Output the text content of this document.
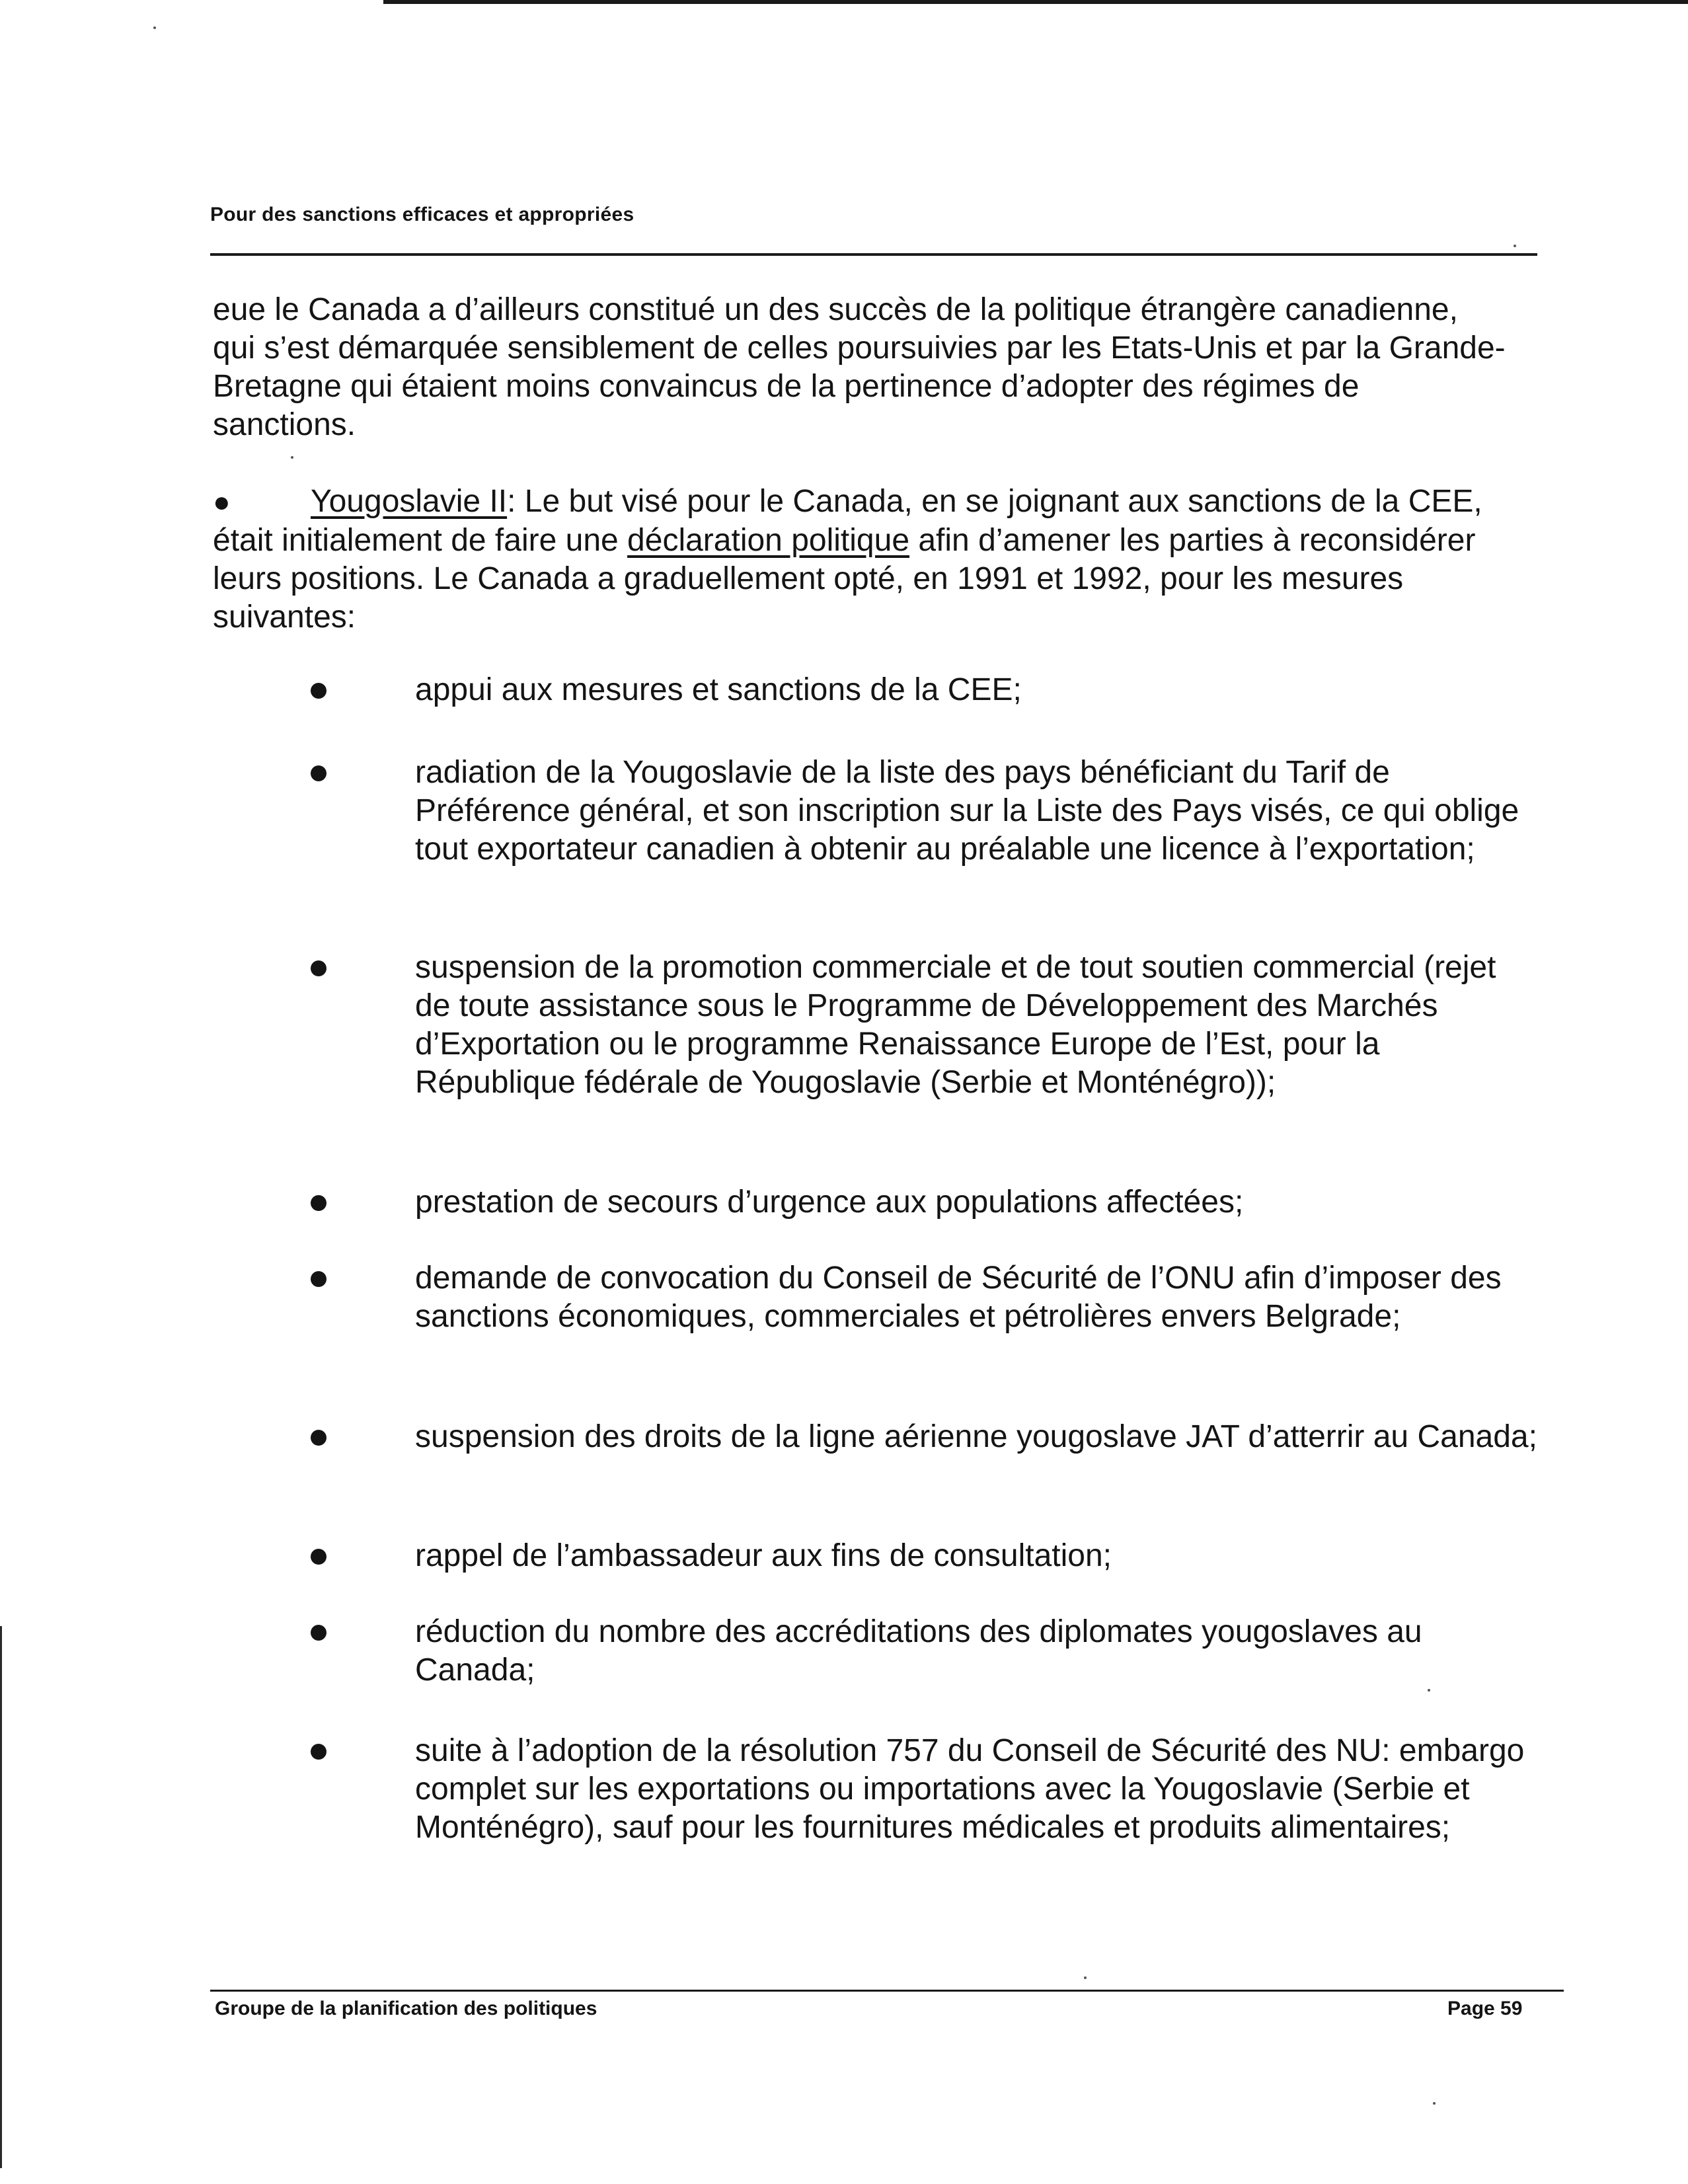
Pour des sanctions efficaces et appropriées

eue le Canada a d’ailleurs constitué un des succès de la politique étrangère canadienne, qui s’est démarquée sensiblement de celles poursuivies par les Etats-Unis et par la Grande-Bretagne qui étaient moins convaincus de la pertinence d’adopter des régimes de sanctions.

●	Yougoslavie II: Le but visé pour le Canada, en se joignant aux sanctions de la CEE, était initialement de faire une déclaration politique afin d’amener les parties à reconsidérer leurs positions. Le Canada a graduellement opté, en 1991 et 1992, pour les mesures suivantes:

appui aux mesures et sanctions de la CEE;
radiation de la Yougoslavie de la liste des pays bénéficiant du Tarif de Préférence général, et son inscription sur la Liste des Pays visés, ce qui oblige tout exportateur canadien à obtenir au préalable une licence à l’exportation;
suspension de la promotion commerciale et de tout soutien commercial (rejet de toute assistance sous le Programme de Développement des Marchés d’Exportation ou le programme Renaissance Europe de l’Est, pour la République fédérale de Yougoslavie (Serbie et Monténégro));
prestation de secours d’urgence aux populations affectées;
demande de convocation du Conseil de Sécurité de l’ONU afin d’imposer des sanctions économiques, commerciales et pétrolières envers Belgrade;
suspension des droits de la ligne aérienne yougoslave JAT d’atterrir au Canada;
rappel de l’ambassadeur aux fins de consultation;
réduction du nombre des accréditations des diplomates yougoslaves au Canada;
suite à l’adoption de la résolution 757 du Conseil de Sécurité des NU: embargo complet sur les exportations ou importations avec la Yougoslavie (Serbie et Monténégro), sauf pour les fournitures médicales et produits alimentaires;
Groupe de la planification des politiques	Page 59
